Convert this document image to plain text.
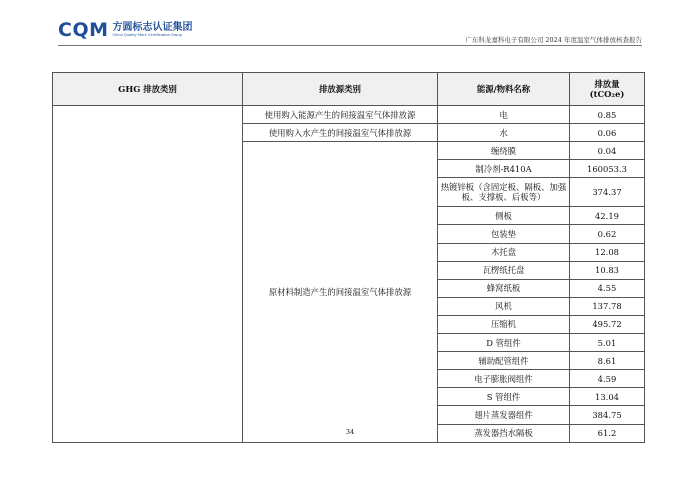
CQM 方圆标志认证集团
China Quality Mark Certification Group
广东科龙嘉科电子有限公司 2024 年度温室气体排放核查报告
GHG 排放类别	排放源类别	能源/物料名称	排放量
(tCO₂e)
	使用购入能源产生的间接温室气体排放源	电	0.85
	使用购入水产生的间接温室气体排放源	水	0.06
	原材料制造产生的间接温室气体排放源	缠绕膜	0.04
		制冷剂-R410A	160053.3
		热镀锌板（含固定板、隔板、加强板、支撑板、后板等）	374.37
		侧板	42.19
		包装垫	0.62
		木托盘	12.08
		瓦楞纸托盘	10.83
		蜂窝纸板	4.55
		风机	137.78
		压缩机	495.72
		D 管组件	5.01
		辅助配管组件	8.61
		电子膨胀阀组件	4.59
		S 管组件	13.04
		翅片蒸发器组件	384.75
		蒸发器挡水隔板	61.2
34
